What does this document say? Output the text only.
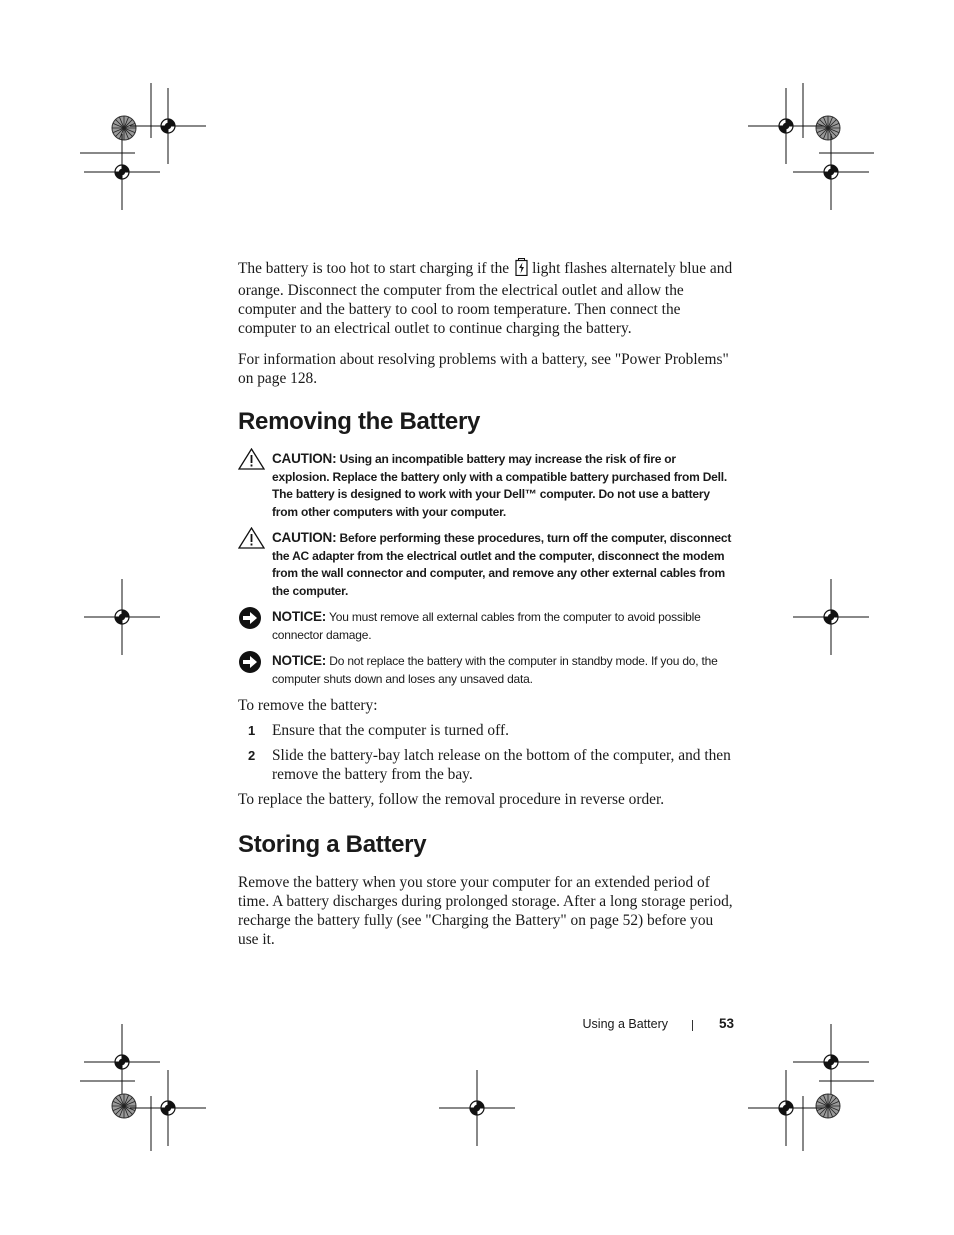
The battery is too hot to start charging if the light flashes alternately blue and orange. Disconnect the computer from the electrical outlet and allow the computer and the battery to cool to room temperature. Then connect the computer to an electrical outlet to continue charging the battery.

For information about resolving problems with a battery, see "Power Problems" on page 128.

Removing the Battery
CAUTION: Using an incompatible battery may increase the risk of fire or explosion. Replace the battery only with a compatible battery purchased from Dell. The battery is designed to work with your Dell™ computer. Do not use a battery from other computers with your computer.
CAUTION: Before performing these procedures, turn off the computer, disconnect the AC adapter from the electrical outlet and the computer, disconnect the modem from the wall connector and computer, and remove any other external cables from the computer.
NOTICE: You must remove all external cables from the computer to avoid possible connector damage.
NOTICE: Do not replace the battery with the computer in standby mode. If you do, the computer shuts down and loses any unsaved data.

To remove the battery:

1 Ensure that the computer is turned off.
2 Slide the battery-bay latch release on the bottom of the computer, and then remove the battery from the bay.

To replace the battery, follow the removal procedure in reverse order.

Storing a Battery

Remove the battery when you store your computer for an extended period of time. A battery discharges during prolonged storage. After a long storage period, recharge the battery fully (see "Charging the Battery" on page 52) before you use it.

Using a Battery	53
